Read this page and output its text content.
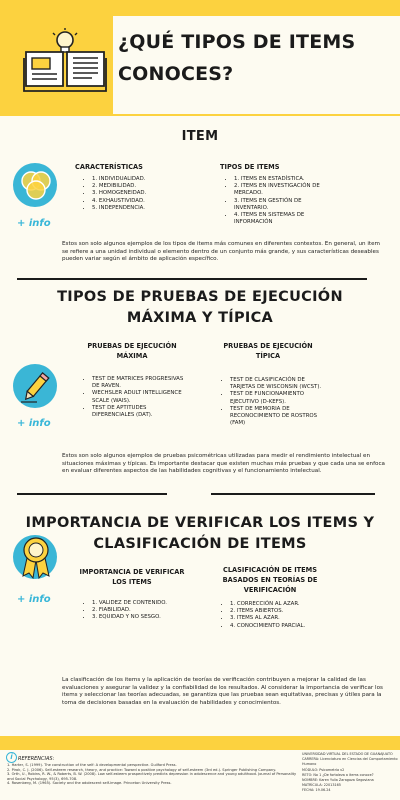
¿QUÉ TIPOS DE ITEMS CONOCES?
ITEM
+ info
CARACTERÍSTICAS
• 1. INDIVIDUALIDAD.
• 2. MEDIBILIDAD.
• 3. HOMOGENEIDAD.
• 4. EXHAUSTIVIDAD.
• 5. INDEPENDENCIA.
TIPOS DE ITEMS
• 1. ITEMS EN ESTADÍSTICA.
• 2. ITEMS EN INVESTIGACIÓN DE MERCADO.
• 3. ITEMS EN GESTIÓN DE INVENTARIO.
• 4. ITEMS EN SISTEMAS DE INFORMACIÓN

Estos son solo algunos ejemplos de los tipos de items más comunes en diferentes contextos. En general, un item se refiere a una unidad individual o elemento dentro de un conjunto más grande, y sus características deseables pueden variar según el ámbito de aplicación específico.

TIPOS DE PRUEBAS DE EJECUCIÓN MÁXIMA Y TÍPICA
PRUEBAS DE EJECUCIÓN MÁXIMA
PRUEBAS DE EJECUCIÓN TÍPICA
+ info
• TEST DE MATRICES PROGRESIVAS DE RAVEN.
• WECHSLER ADULT INTELLIGENCE SCALE (WAIS).
• TEST DE APTITUDES DIFERENCIALES (DAT).
• TEST DE CLASIFICACIÓN DE TARJETAS DE WISCONSIN (WCST).
• TEST DE FUNCIONAMIENTO EJECUTIVO (D-KEFS).
• TEST DE MEMORIA DE RECONOCIMIENTO DE ROSTROS (FAM)

Estos son solo algunos ejemplos de pruebas psicométricas utilizadas para medir el rendimiento intelectual en situaciones máximas y típicas. Es importante destacar que existen muchas más pruebas y que cada una se enfoca en evaluar diferentes aspectos de las habilidades cognitivas y el funcionamiento intelectual.

IMPORTANCIA DE VERIFICAR LOS ITEMS Y CLASIFICACIÓN DE ITEMS
+ info
IMPORTANCIA DE VERIFICAR LOS ITEMS
CLASIFICACIÓN DE ITEMS BASADOS EN TEORÍAS DE VERIFICACIÓN
• 1. VALIDEZ DE CONTENIDO.
• 2. FIABILIDAD.
• 3. EQUIDAD Y NO SESGO.
• 1. CORRECCIÓN AL AZAR.
• 2. ITEMS ABIERTOS.
• 3. ITEMS AL AZAR.
• 4. CONOCIMIENTO PARCIAL.

La clasificación de los items y la aplicación de teorías de verificación contribuyen a mejorar la calidad de las evaluaciones y asegurar la validez y la confiabilidad de los resultados. Al considerar la importancia de verificar los items y seleccionar las teorías adecuadas, se garantiza que las pruebas sean equitativas, precisas y útiles para la toma de decisiones basadas en la evaluación de habilidades y conocimientos.

i	REFERENCIAS:
1. Harter, S. (1999). The construction of the self: A developmental perspective. Guilford Press.
2. Pirok, C. J. (2006). Self-esteem research, theory, and practice: Toward a positive psychology of self-esteem (3rd ed.). Springer Publishing Company.
3. Orth, U., Robins, R. W., & Roberts, B. W. (2008). Low self-esteem prospectively predicts depression in adolescence and young adulthood. Journal of Personality and Social Psychology, 95(3), 695-708.
4. Rosenberg, M. (1965). Society and the adolescent self-image. Princeton University Press.
UNIVERSIDAD VIRTUAL DEL ESTADO DE GUANAJUATO
CARRERA: Licenciatura en Ciencias del Comportamiento Humano
MÓDULO: Psicometría v2
RETO: No 1 ¿De fortaleza a items conoce?
NOMBRE: Karen Yulia Zaragoza Segoviana
MATRÍCULA: 22013165
FECHA: 19.06.24
